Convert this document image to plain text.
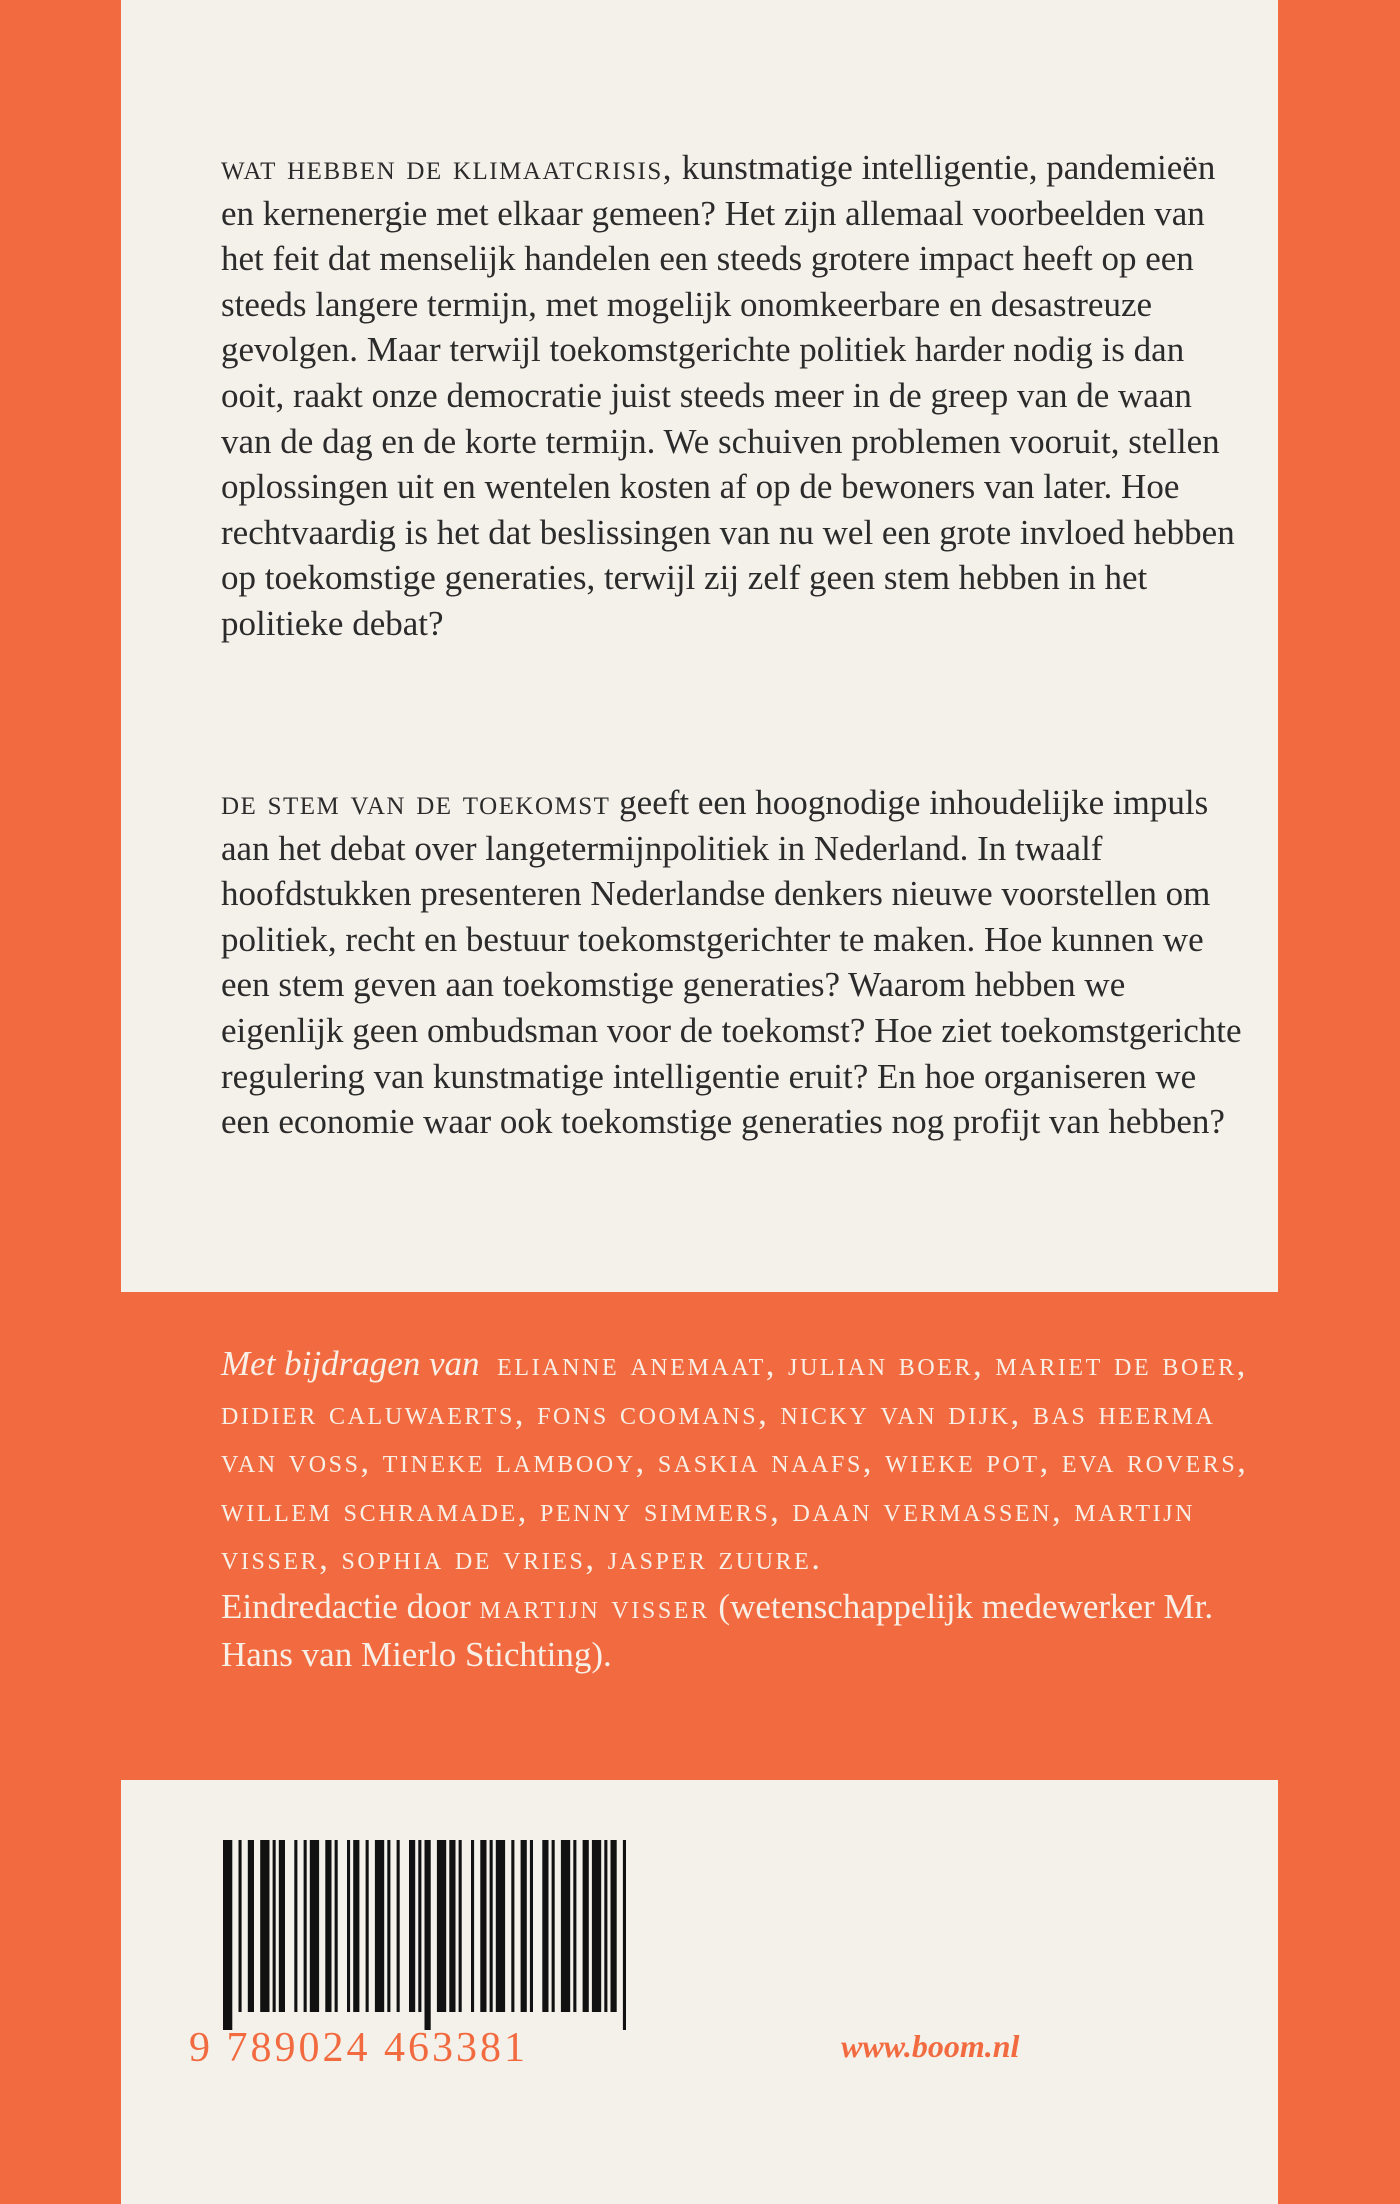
wat hebben de klimaatcrisis, kunstmatige intelligentie, pandemieën en kernenergie met elkaar gemeen? Het zijn allemaal voorbeelden van het feit dat menselijk handelen een steeds grotere impact heeft op een steeds langere termijn, met mogelijk onomkeerbare en desastreuze gevolgen. Maar terwijl toekomstgerichte politiek harder nodig is dan ooit, raakt onze democratie juist steeds meer in de greep van de waan van de dag en de korte termijn. We schuiven problemen vooruit, stellen oplossingen uit en wentelen kosten af op de bewoners van later. Hoe rechtvaardig is het dat beslissingen van nu wel een grote invloed hebben op toekomstige generaties, terwijl zij zelf geen stem hebben in het politieke debat?

de stem van de toekomst geeft een hoognodige inhoudelijke impuls aan het debat over langetermijnpolitiek in Nederland. In twaalf hoofdstukken presenteren Nederlandse denkers nieuwe voorstellen om politiek, recht en bestuur toekomstgerichter te maken. Hoe kunnen we een stem geven aan toekomstige generaties? Waarom hebben we eigenlijk geen ombudsman voor de toekomst? Hoe ziet toekomstgerichte regulering van kunstmatige intelligentie eruit? En hoe organiseren we een economie waar ook toekomstige generaties nog profijt van hebben?

Met bijdragen van elianne anemaat, julian boer, mariet de boer, didier caluwaerts, fons coomans, nicky van dijk, bas heerma van voss, tineke lambooy, saskia naafs, wieke pot, eva rovers, willem schramade, penny simmers, daan vermassen, martijn visser, sophia de vries, jasper zuure.
Eindredactie door martijn visser (wetenschappelijk medewerker Mr. Hans van Mierlo Stichting).

9 789024 463381	www.boom.nl
